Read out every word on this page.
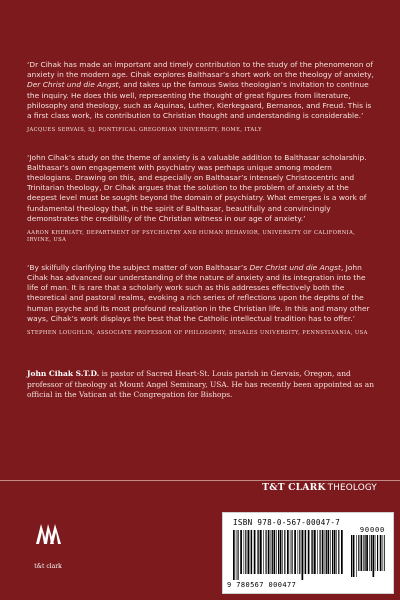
‘Dr Cihak has made an important and timely contribution to the study of the phenomenon of anxiety in the modern age. Cihak explores Balthasar’s short work on the theology of anxiety, Der Christ und die Angst, and takes up the famous Swiss theologian’s invitation to continue the inquiry. He does this well, representing the thought of great figures from literature, philosophy and theology, such as Aquinas, Luther, Kierkegaard, Bernanos, and Freud. This is a first class work, its contribution to Christian thought and understanding is considerable.’

JACQUES SERVAIS, SJ, PONTIFICAL GREGORIAN UNIVERSITY, ROME, ITALY

‘John Cihak’s study on the theme of anxiety is a valuable addition to Balthasar scholarship. Balthasar’s own engagement with psychiatry was perhaps unique among modern theologians. Drawing on this, and especially on Balthasar’s intensely Christocentric and Trinitarian theology, Dr Cihak argues that the solution to the problem of anxiety at the deepest level must be sought beyond the domain of psychiatry. What emerges is a work of fundamental theology that, in the spirit of Balthasar, beautifully and convincingly demonstrates the credibility of the Christian witness in our age of anxiety.’

AARON KHERIATY, DEPARTMENT OF PSYCHIATRY AND HUMAN BEHAVIOR, UNIVERSITY OF CALIFORNIA, IRVINE, USA

‘By skilfully clarifying the subject matter of von Balthasar’s Der Christ und die Angst, John Cihak has advanced our understanding of the nature of anxiety and its integration into the life of man. It is rare that a scholarly work such as this addresses effectively both the theoretical and pastoral realms, evoking a rich series of reflections upon the depths of the human psyche and its most profound realization in the Christian life. In this and many other ways, Cihak’s work displays the best that the Catholic intellectual tradition has to offer.’

STEPHEN LOUGHLIN, ASSOCIATE PROFESSOR OF PHILOSOPHY, DESALES UNIVERSITY, PENNSYLVANIA, USA

John Cihak S.T.D. is pastor of Sacred Heart-St. Louis parish in Gervais, Oregon, and professor of theology at Mount Angel Seminary, USA. He has recently been appointed as an official in the Vatican at the Congregation for Bishops.

T&T CLARK THEOLOGY
t&t clark
ISBN 978-0-567-00047-7
90000
9 780567 000477
